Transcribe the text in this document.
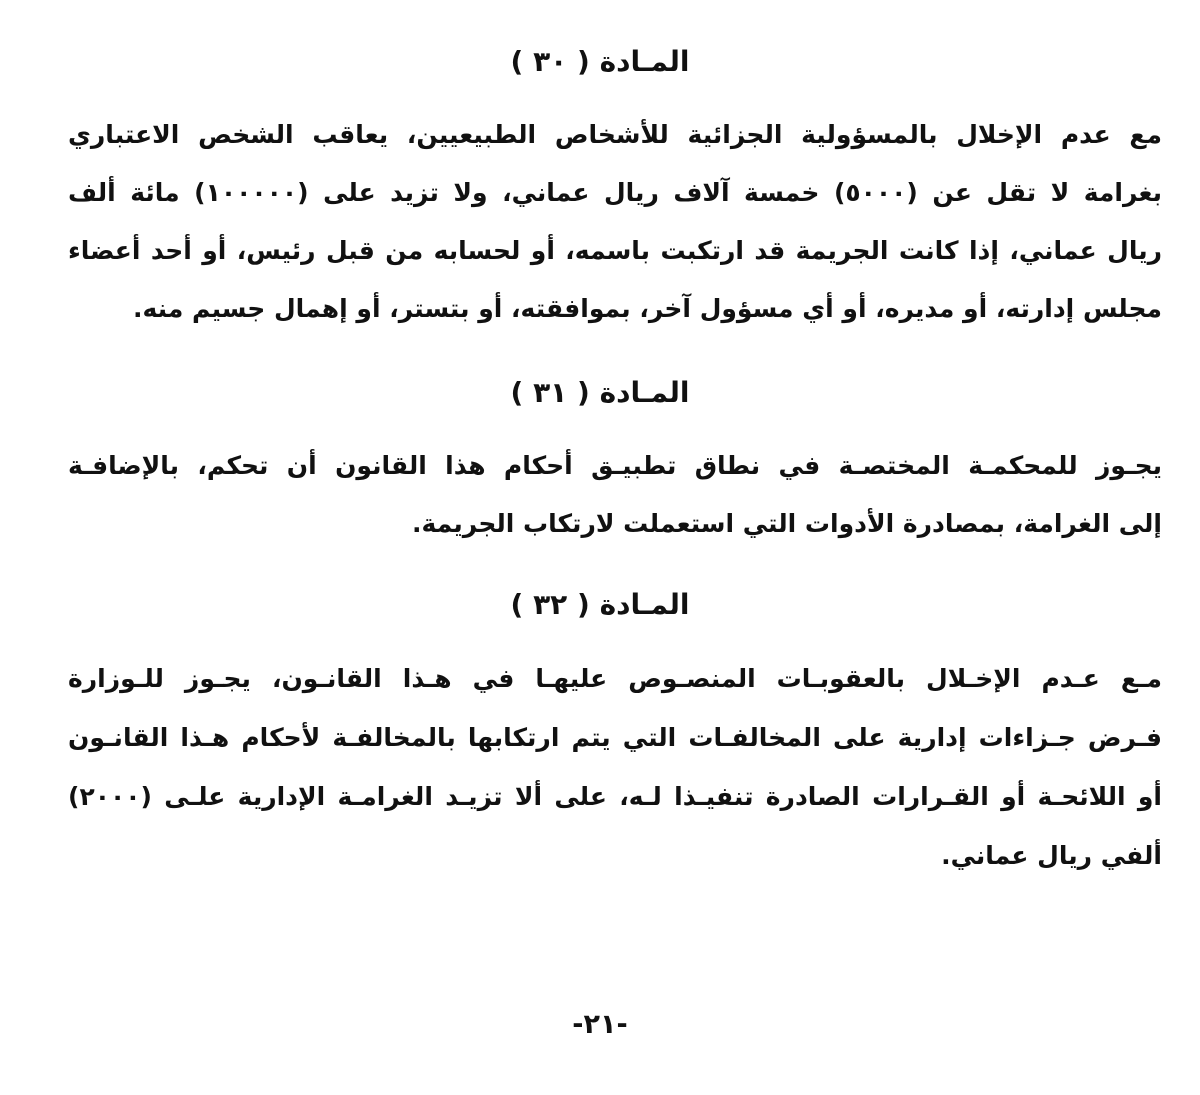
المـادة ( ٣٠ )
مع عدم الإخلال بالمسؤولية الجزائية للأشخاص الطبيعيين، يعاقب الشخص الاعتباري
بغرامة لا تقل عن (٥٠٠٠) خمسة آلاف ريال عماني، ولا تزيد على (١٠٠٠٠٠) مائة ألف
ريال عماني، إذا كانت الجريمة قد ارتكبت باسمه، أو لحسابه من قبل رئيس، أو أحد أعضاء
مجلس إدارته، أو مديره، أو أي مسؤول آخر، بموافقته، أو بتستر، أو إهمال جسيم منه.
المـادة ( ٣١ )
يجـوز للمحكمـة المختصـة في نطاق تطبيـق أحكام هذا القانون أن تحكم، بالإضافـة
إلى الغرامة، بمصادرة الأدوات التي استعملت لارتكاب الجريمة.
المـادة ( ٣٢ )
مـع عـدم الإخـلال بالعقوبـات المنصـوص عليهـا في هـذا القانـون، يجـوز للـوزارة
فـرض جـزاءات إدارية على المخالفـات التي يتم ارتكابها بالمخالفـة لأحكام هـذا القانـون
أو اللائحـة أو القـرارات الصادرة تنفيـذا لـه، على ألا تزيـد الغرامـة الإدارية علـى (٢٠٠٠)
ألفي ريال عماني.
-٢١-
